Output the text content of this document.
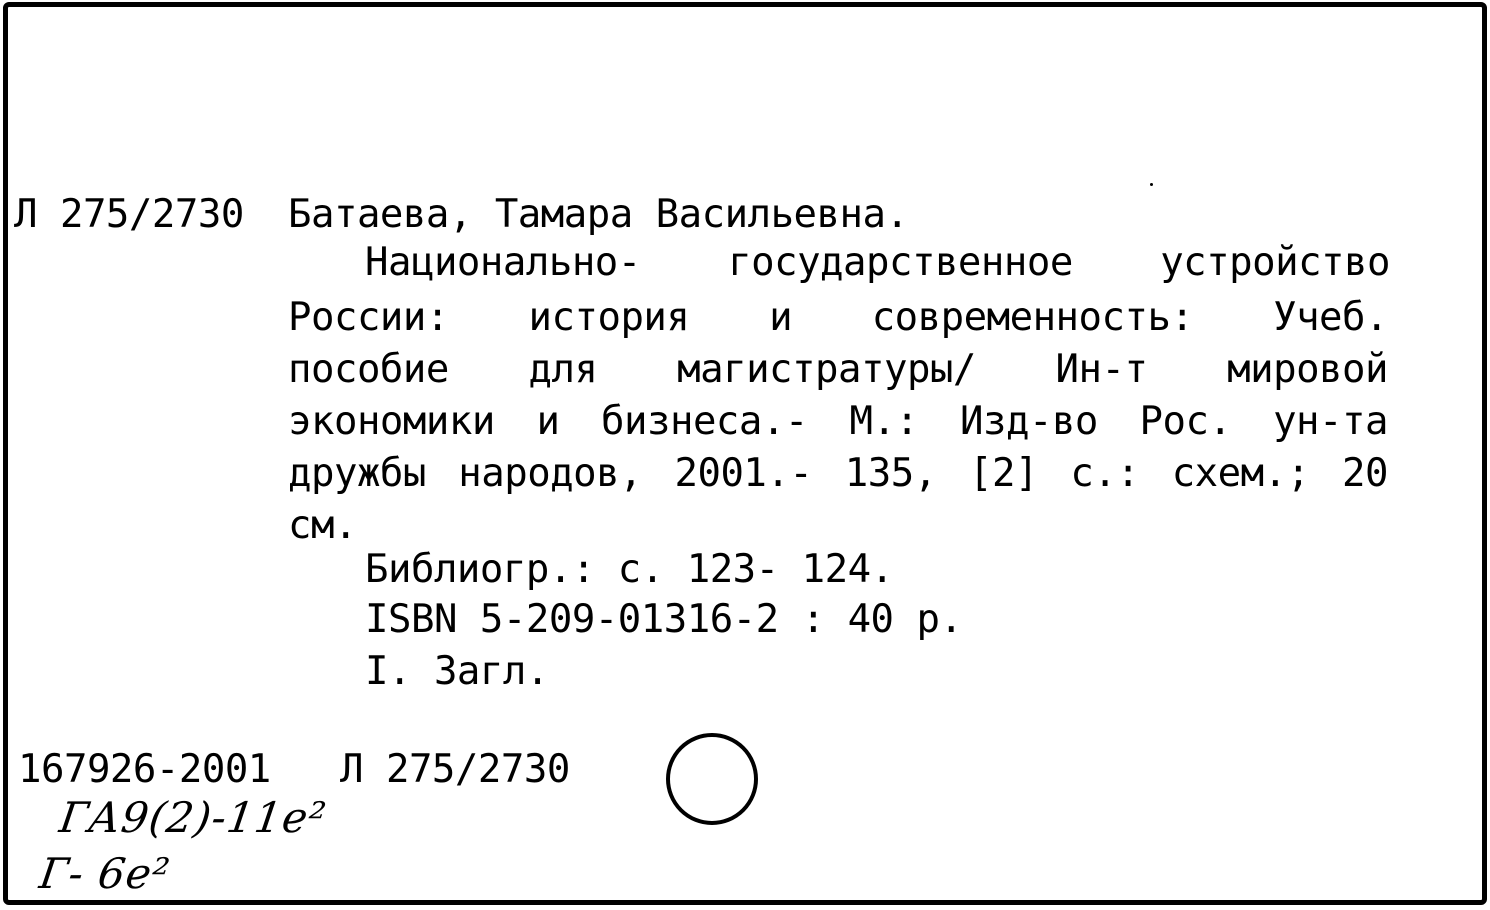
Л 275/2730 Батаева, Тамара Васильевна.
Национально- государственное устройство
России: история и современность: Учеб.
пособие для магистратуры/ Ин-т мировой
экономики и бизнеса.- М.: Изд-во Рос. ун-та
дружбы народов, 2001.- 135, [2] с.: схем.; 20
см.
Библиогр.: с. 123- 124.
ISBN 5-209-01316-2 : 40 р.
I. Загл.
167926-2001 Л 275/2730
ГА9(2)-11е²
Г- 6е²
